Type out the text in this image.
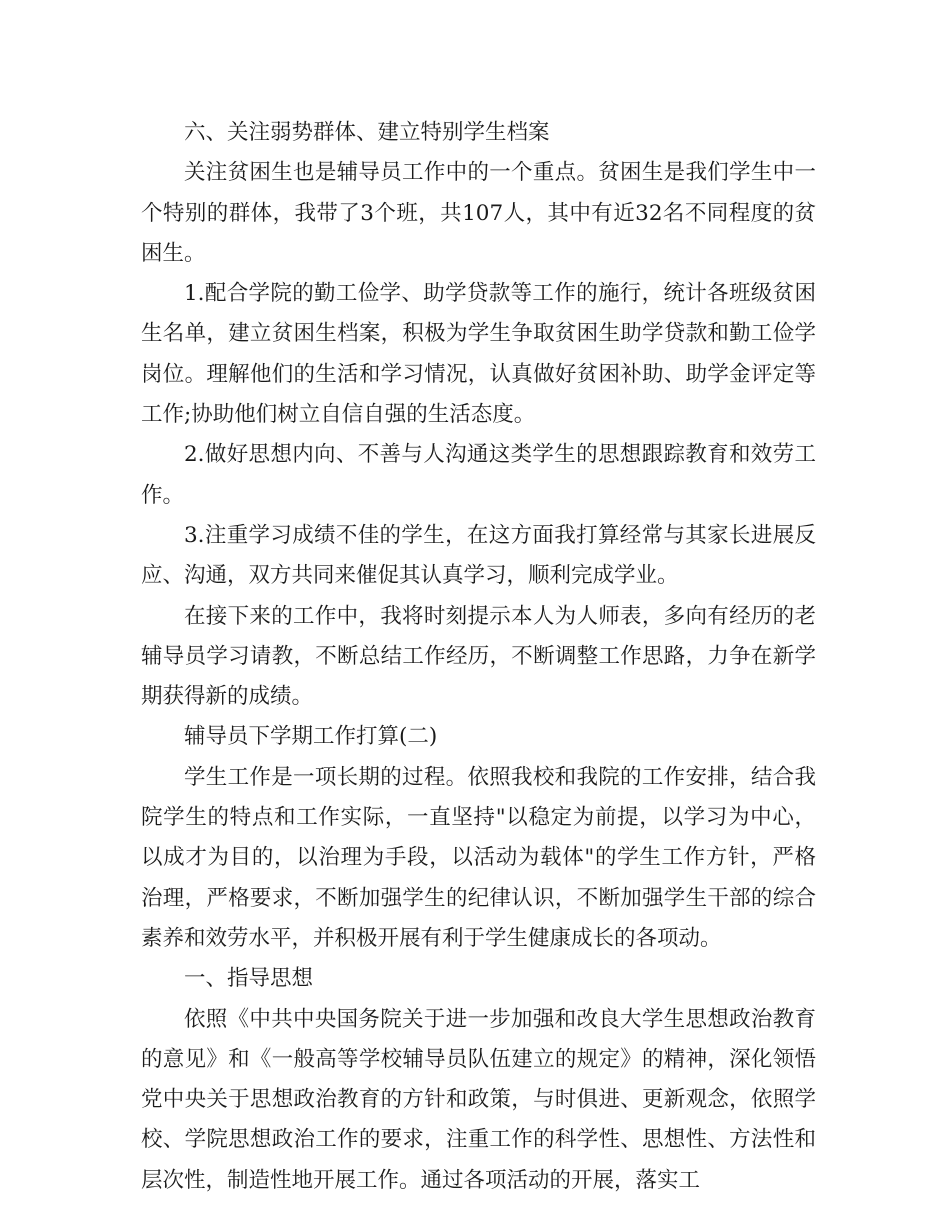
六、关注弱势群体、建立特别学生档案

关注贫困生也是辅导员工作中的一个重点。贫困生是我们学生中一个特别的群体，我带了3个班，共107人，其中有近32名不同程度的贫困生。

1.配合学院的勤工俭学、助学贷款等工作的施行，统计各班级贫困生名单，建立贫困生档案，积极为学生争取贫困生助学贷款和勤工俭学岗位。理解他们的生活和学习情况，认真做好贫困补助、助学金评定等工作;协助他们树立自信自强的生活态度。

2.做好思想内向、不善与人沟通这类学生的思想跟踪教育和效劳工作。

3.注重学习成绩不佳的学生，在这方面我打算经常与其家长进展反应、沟通，双方共同来催促其认真学习，顺利完成学业。

在接下来的工作中，我将时刻提示本人为人师表，多向有经历的老辅导员学习请教，不断总结工作经历，不断调整工作思路，力争在新学期获得新的成绩。

辅导员下学期工作打算(二)

学生工作是一项长期的过程。依照我校和我院的工作安排，结合我院学生的特点和工作实际，一直坚持"以稳定为前提，以学习为中心，以成才为目的，以治理为手段，以活动为载体"的学生工作方针，严格治理，严格要求，不断加强学生的纪律认识，不断加强学生干部的综合素养和效劳水平，并积极开展有利于学生健康成长的各项动。

一、指导思想

依照《中共中央国务院关于进一步加强和改良大学生思想政治教育的意见》和《一般高等学校辅导员队伍建立的规定》的精神，深化领悟党中央关于思想政治教育的方针和政策，与时俱进、更新观念，依照学校、学院思想政治工作的要求，注重工作的科学性、思想性、方法性和层次性，制造性地开展工作。通过各项活动的开展，落实工
